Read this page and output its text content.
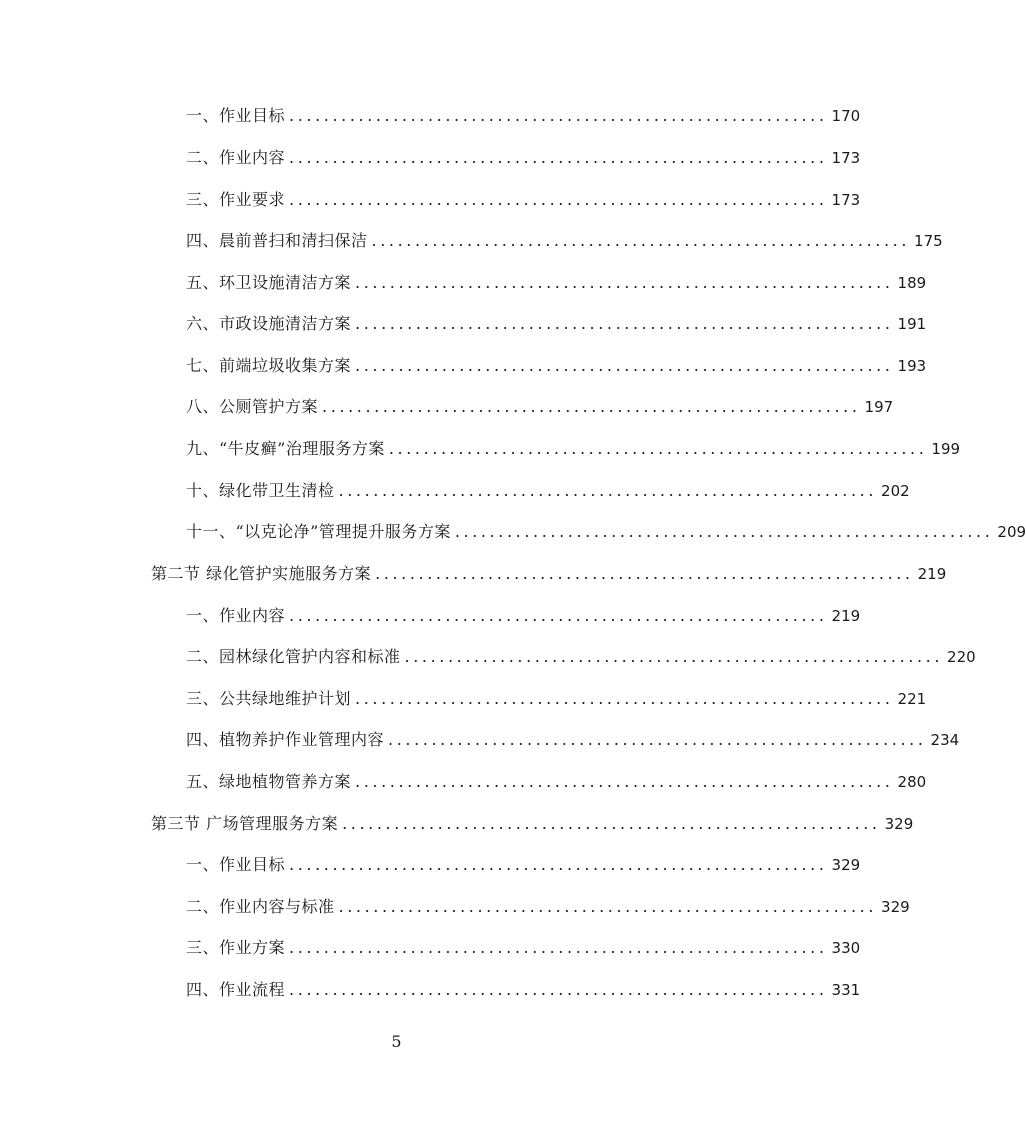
一、作业目标 .............................................................. 170
二、作业内容 .............................................................. 173
三、作业要求 .............................................................. 173
四、晨前普扫和清扫保洁 .............................................................. 175
五、环卫设施清洁方案 .............................................................. 189
六、市政设施清洁方案 .............................................................. 191
七、前端垃圾收集方案 .............................................................. 193
八、公厕管护方案 .............................................................. 197
九、“牛皮癣”治理服务方案 .............................................................. 199
十、绿化带卫生清检 .............................................................. 202
十一、“以克论净”管理提升服务方案 .............................................................. 209
第二节 绿化管护实施服务方案 .............................................................. 219
一、作业内容 .............................................................. 219
二、园林绿化管护内容和标准 .............................................................. 220
三、公共绿地维护计划 .............................................................. 221
四、植物养护作业管理内容 .............................................................. 234
五、绿地植物管养方案 .............................................................. 280
第三节 广场管理服务方案 .............................................................. 329
一、作业目标 .............................................................. 329
二、作业内容与标准 .............................................................. 329
三、作业方案 .............................................................. 330
四、作业流程 .............................................................. 331
5
